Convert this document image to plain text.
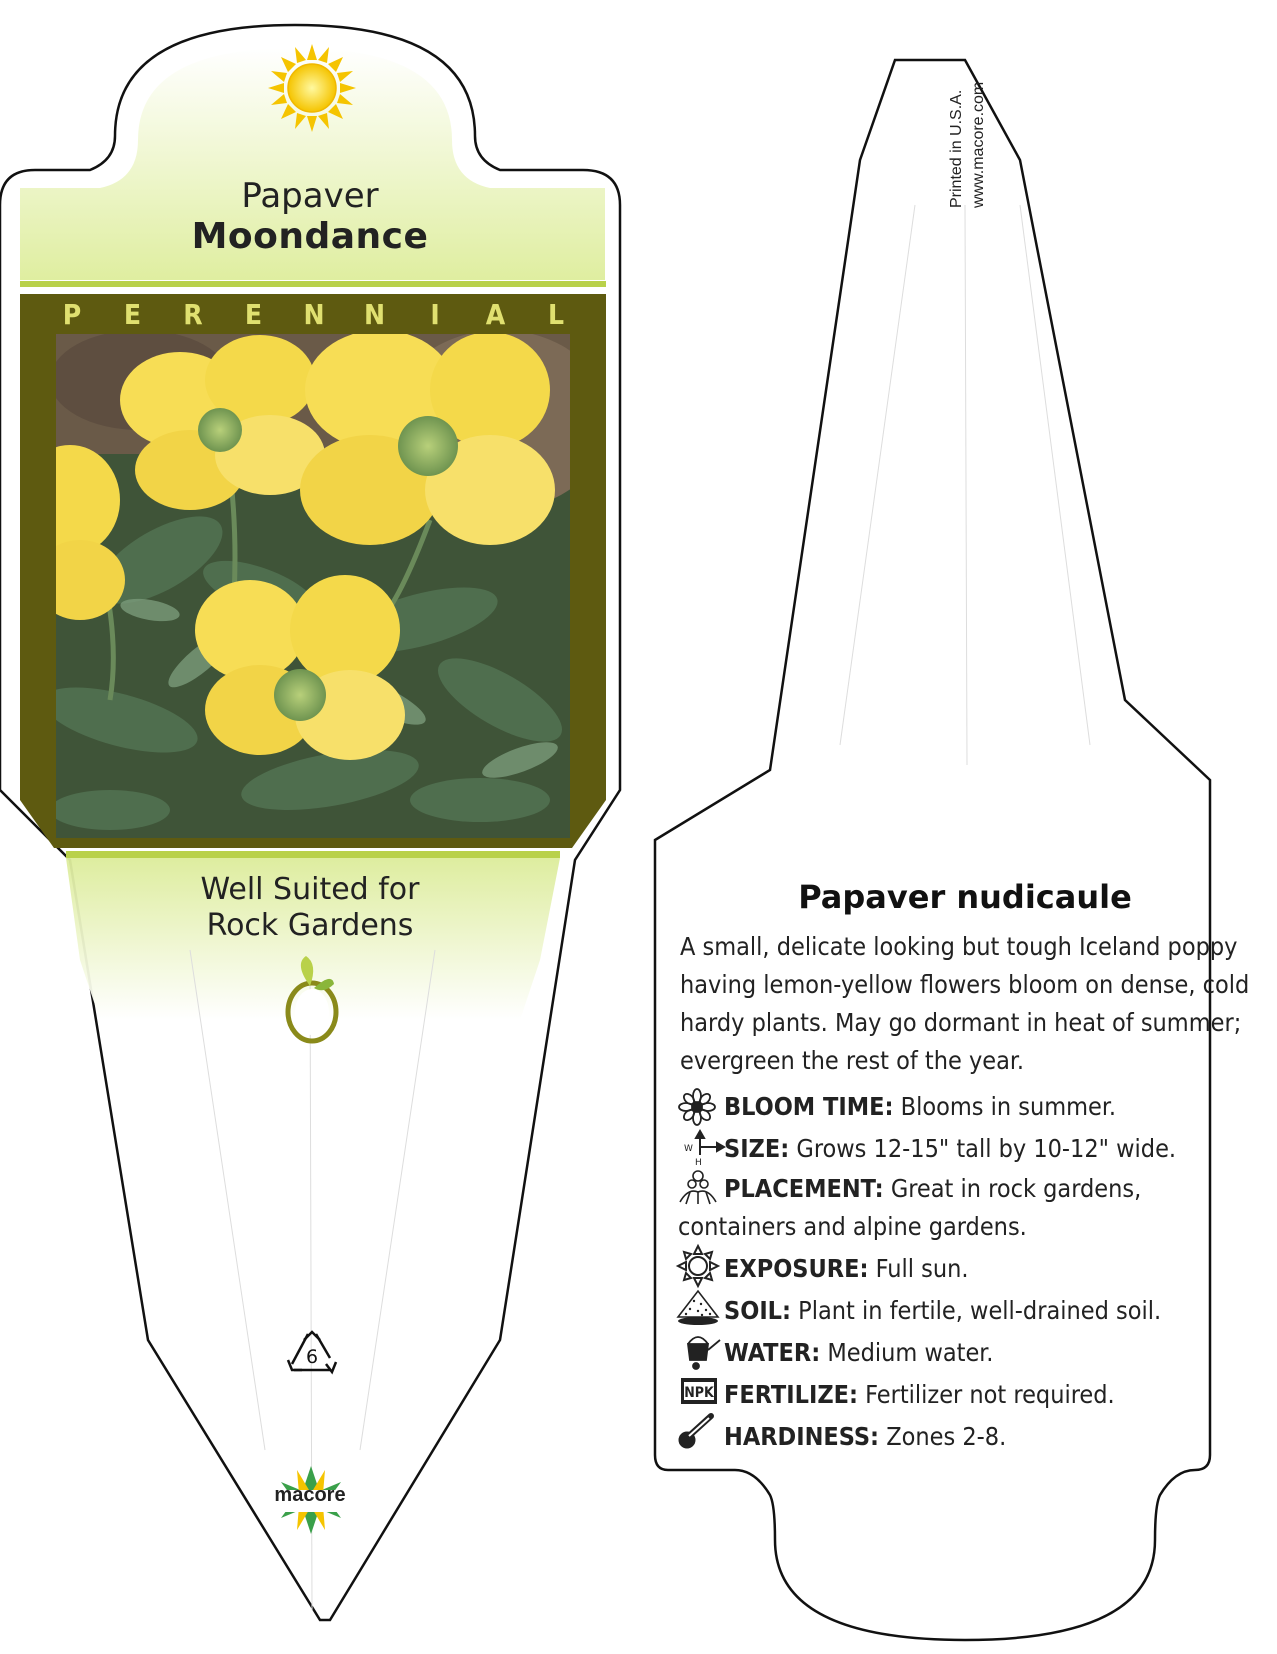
W
H
NPK
Papaver
Moondance
P E R E N N I A L
Well Suited for
Rock Gardens
6
macore
Printed in U.S.A. www.macore.com
Papaver nudicaule
A small, delicate looking but tough Iceland poppy having lemon-yellow flowers bloom on dense, cold hardy plants. May go dormant in heat of summer; evergreen the rest of the year.
BLOOM TIME: Blooms in summer.
SIZE: Grows 12-15" tall by 10-12" wide.
PLACEMENT: Great in rock gardens, containers and alpine gardens.
EXPOSURE: Full sun.
SOIL: Plant in fertile, well-drained soil.
WATER: Medium water.
FERTILIZE: Fertilizer not required.
HARDINESS: Zones 2-8.
